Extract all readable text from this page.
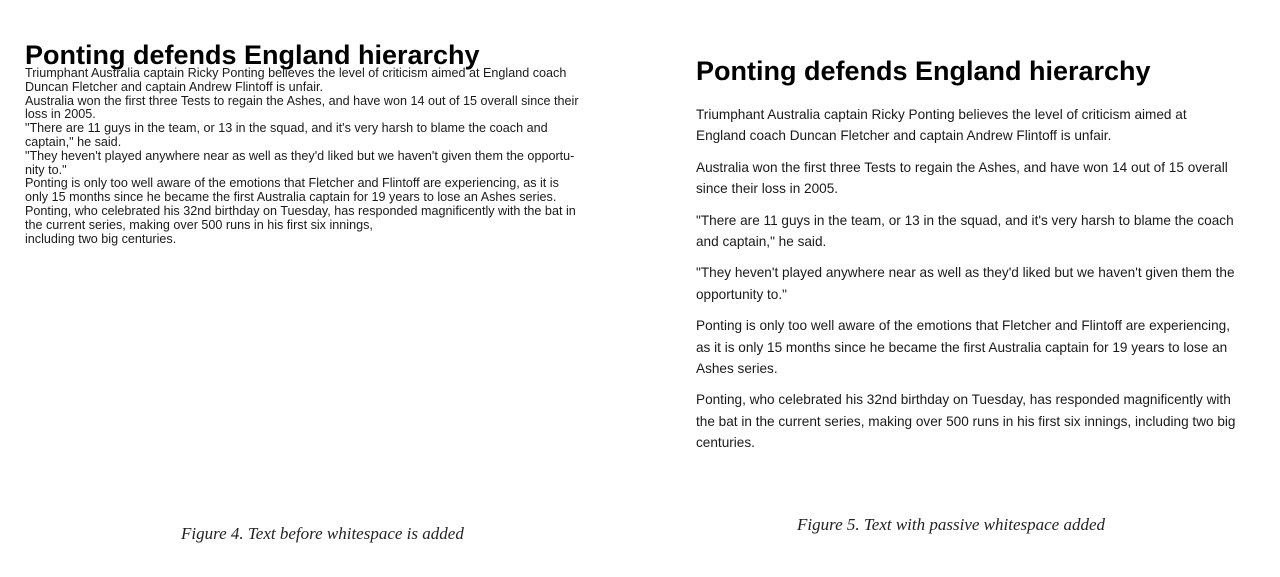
Ponting defends England hierarchy

Triumphant Australia captain Ricky Ponting believes the level of criticism aimed at England coach

Duncan Fletcher and captain Andrew Flintoff is unfair.

Australia won the first three Tests to regain the Ashes, and have won 14 out of 15 overall since their

loss in 2005.

"There are 11 guys in the team, or 13 in the squad, and it's very harsh to blame the coach and

captain," he said.

"They heven't played anywhere near as well as they'd liked but we haven't given them the opportu-

nity to."

Ponting is only too well aware of the emotions that Fletcher and Flintoff are experiencing, as it is

only 15 months since he became the first Australia captain for 19 years to lose an Ashes series.

Ponting, who celebrated his 32nd birthday on Tuesday, has responded magnificently with the bat in

the current series, making over 500 runs in his first six innings,

including two big centuries.

Figure 4. Text before whitespace is added
Ponting defends England hierarchy

Triumphant Australia captain Ricky Ponting believes the level of criticism aimed at England coach Duncan Fletcher and captain Andrew Flintoff is unfair.

Australia won the first three Tests to regain the Ashes, and have won 14 out of 15 overall since their loss in 2005.

"There are 11 guys in the team, or 13 in the squad, and it's very harsh to blame the coach and captain," he said.

"They heven't played anywhere near as well as they'd liked but we haven't given them the opportunity to."

Ponting is only too well aware of the emotions that Fletcher and Flintoff are experiencing, as it is only 15 months since he became the first Australia captain for 19 years to lose an Ashes series.

Ponting, who celebrated his 32nd birthday on Tuesday, has responded magnificently with the bat in the current series, making over 500 runs in his first six innings, including two big centuries.

Figure 5. Text with passive whitespace added
